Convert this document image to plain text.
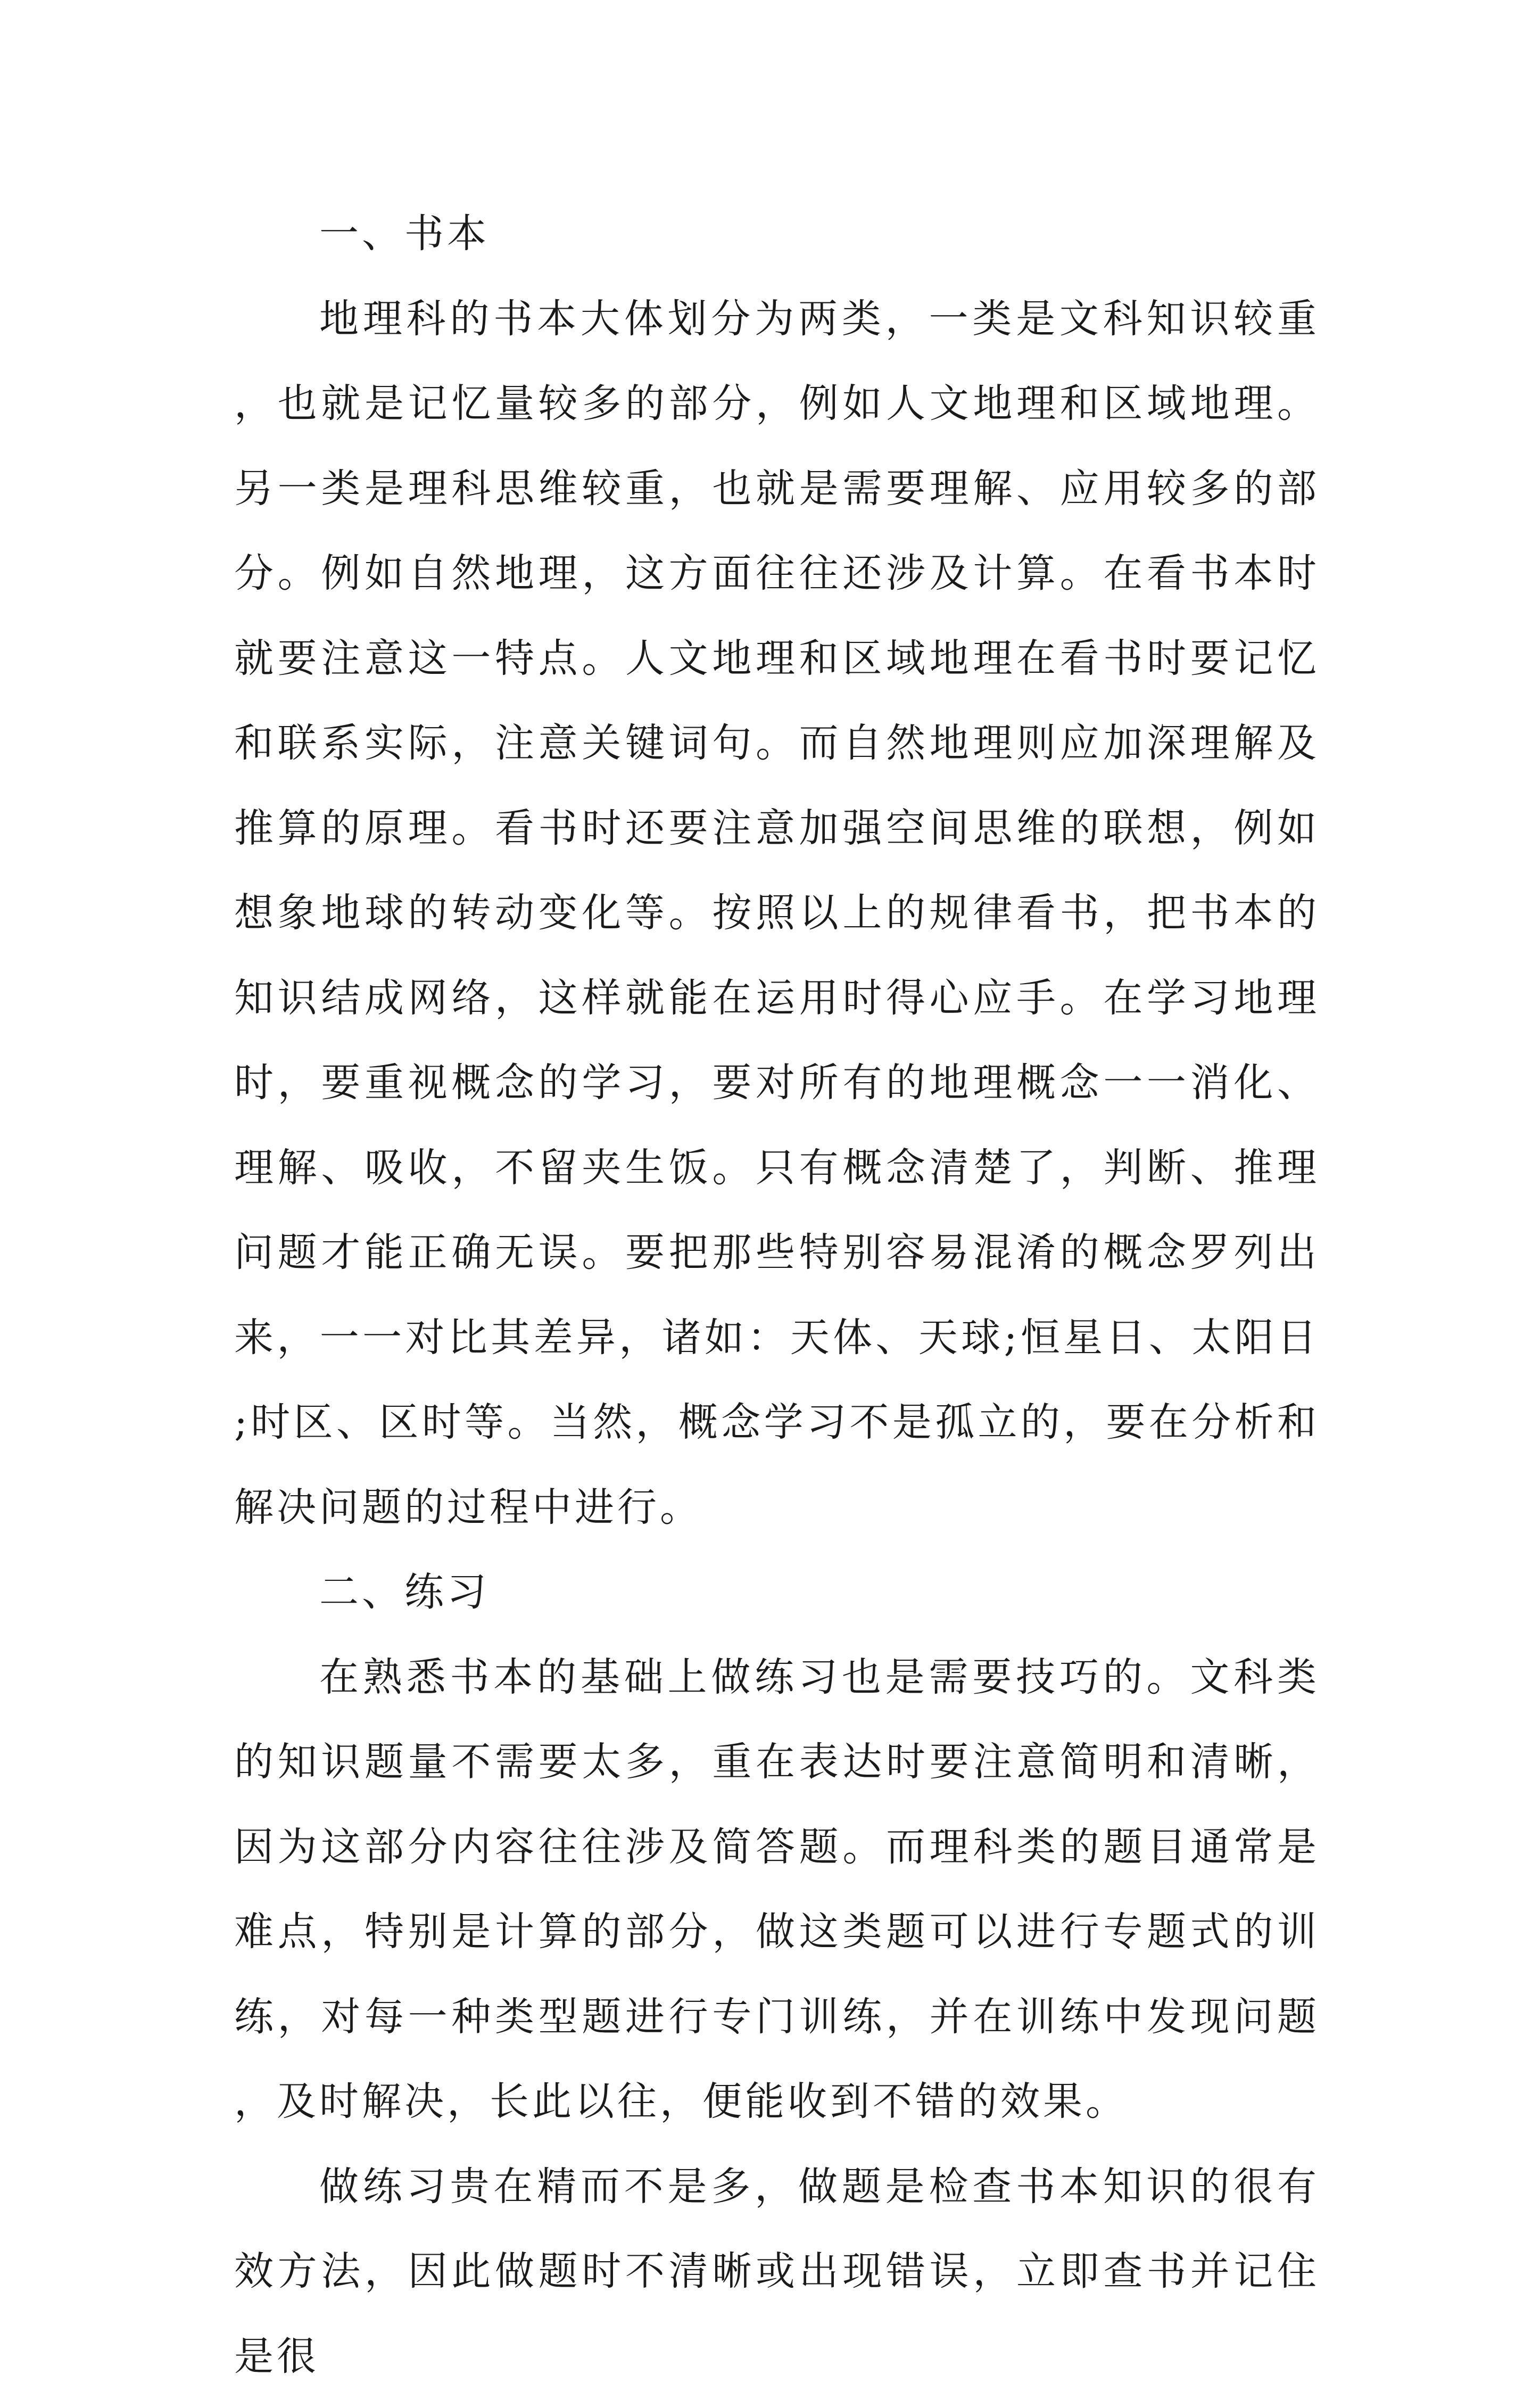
一、书本

地理科的书本大体划分为两类，一类是文科知识较重，也就是记忆量较多的部分，例如人文地理和区域地理。另一类是理科思维较重，也就是需要理解、应用较多的部分。例如自然地理，这方面往往还涉及计算。在看书本时就要注意这一特点。人文地理和区域地理在看书时要记忆和联系实际，注意关键词句。而自然地理则应加深理解及推算的原理。看书时还要注意加强空间思维的联想，例如想象地球的转动变化等。按照以上的规律看书，把书本的知识结成网络，这样就能在运用时得心应手。在学习地理时，要重视概念的学习，要对所有的地理概念一一消化、理解、吸收，不留夹生饭。只有概念清楚了，判断、推理问题才能正确无误。要把那些特别容易混淆的概念罗列出来，一一对比其差异，诸如：天体、天球;恒星日、太阳日;时区、区时等。当然，概念学习不是孤立的，要在分析和解决问题的过程中进行。

二、练习

在熟悉书本的基础上做练习也是需要技巧的。文科类的知识题量不需要太多，重在表达时要注意简明和清晰，因为这部分内容往往涉及简答题。而理科类的题目通常是难点，特别是计算的部分，做这类题可以进行专题式的训练，对每一种类型题进行专门训练，并在训练中发现问题，及时解决，长此以往，便能收到不错的效果。

做练习贵在精而不是多，做题是检查书本知识的很有效方法，因此做题时不清晰或出现错误，立即查书并记住是很
